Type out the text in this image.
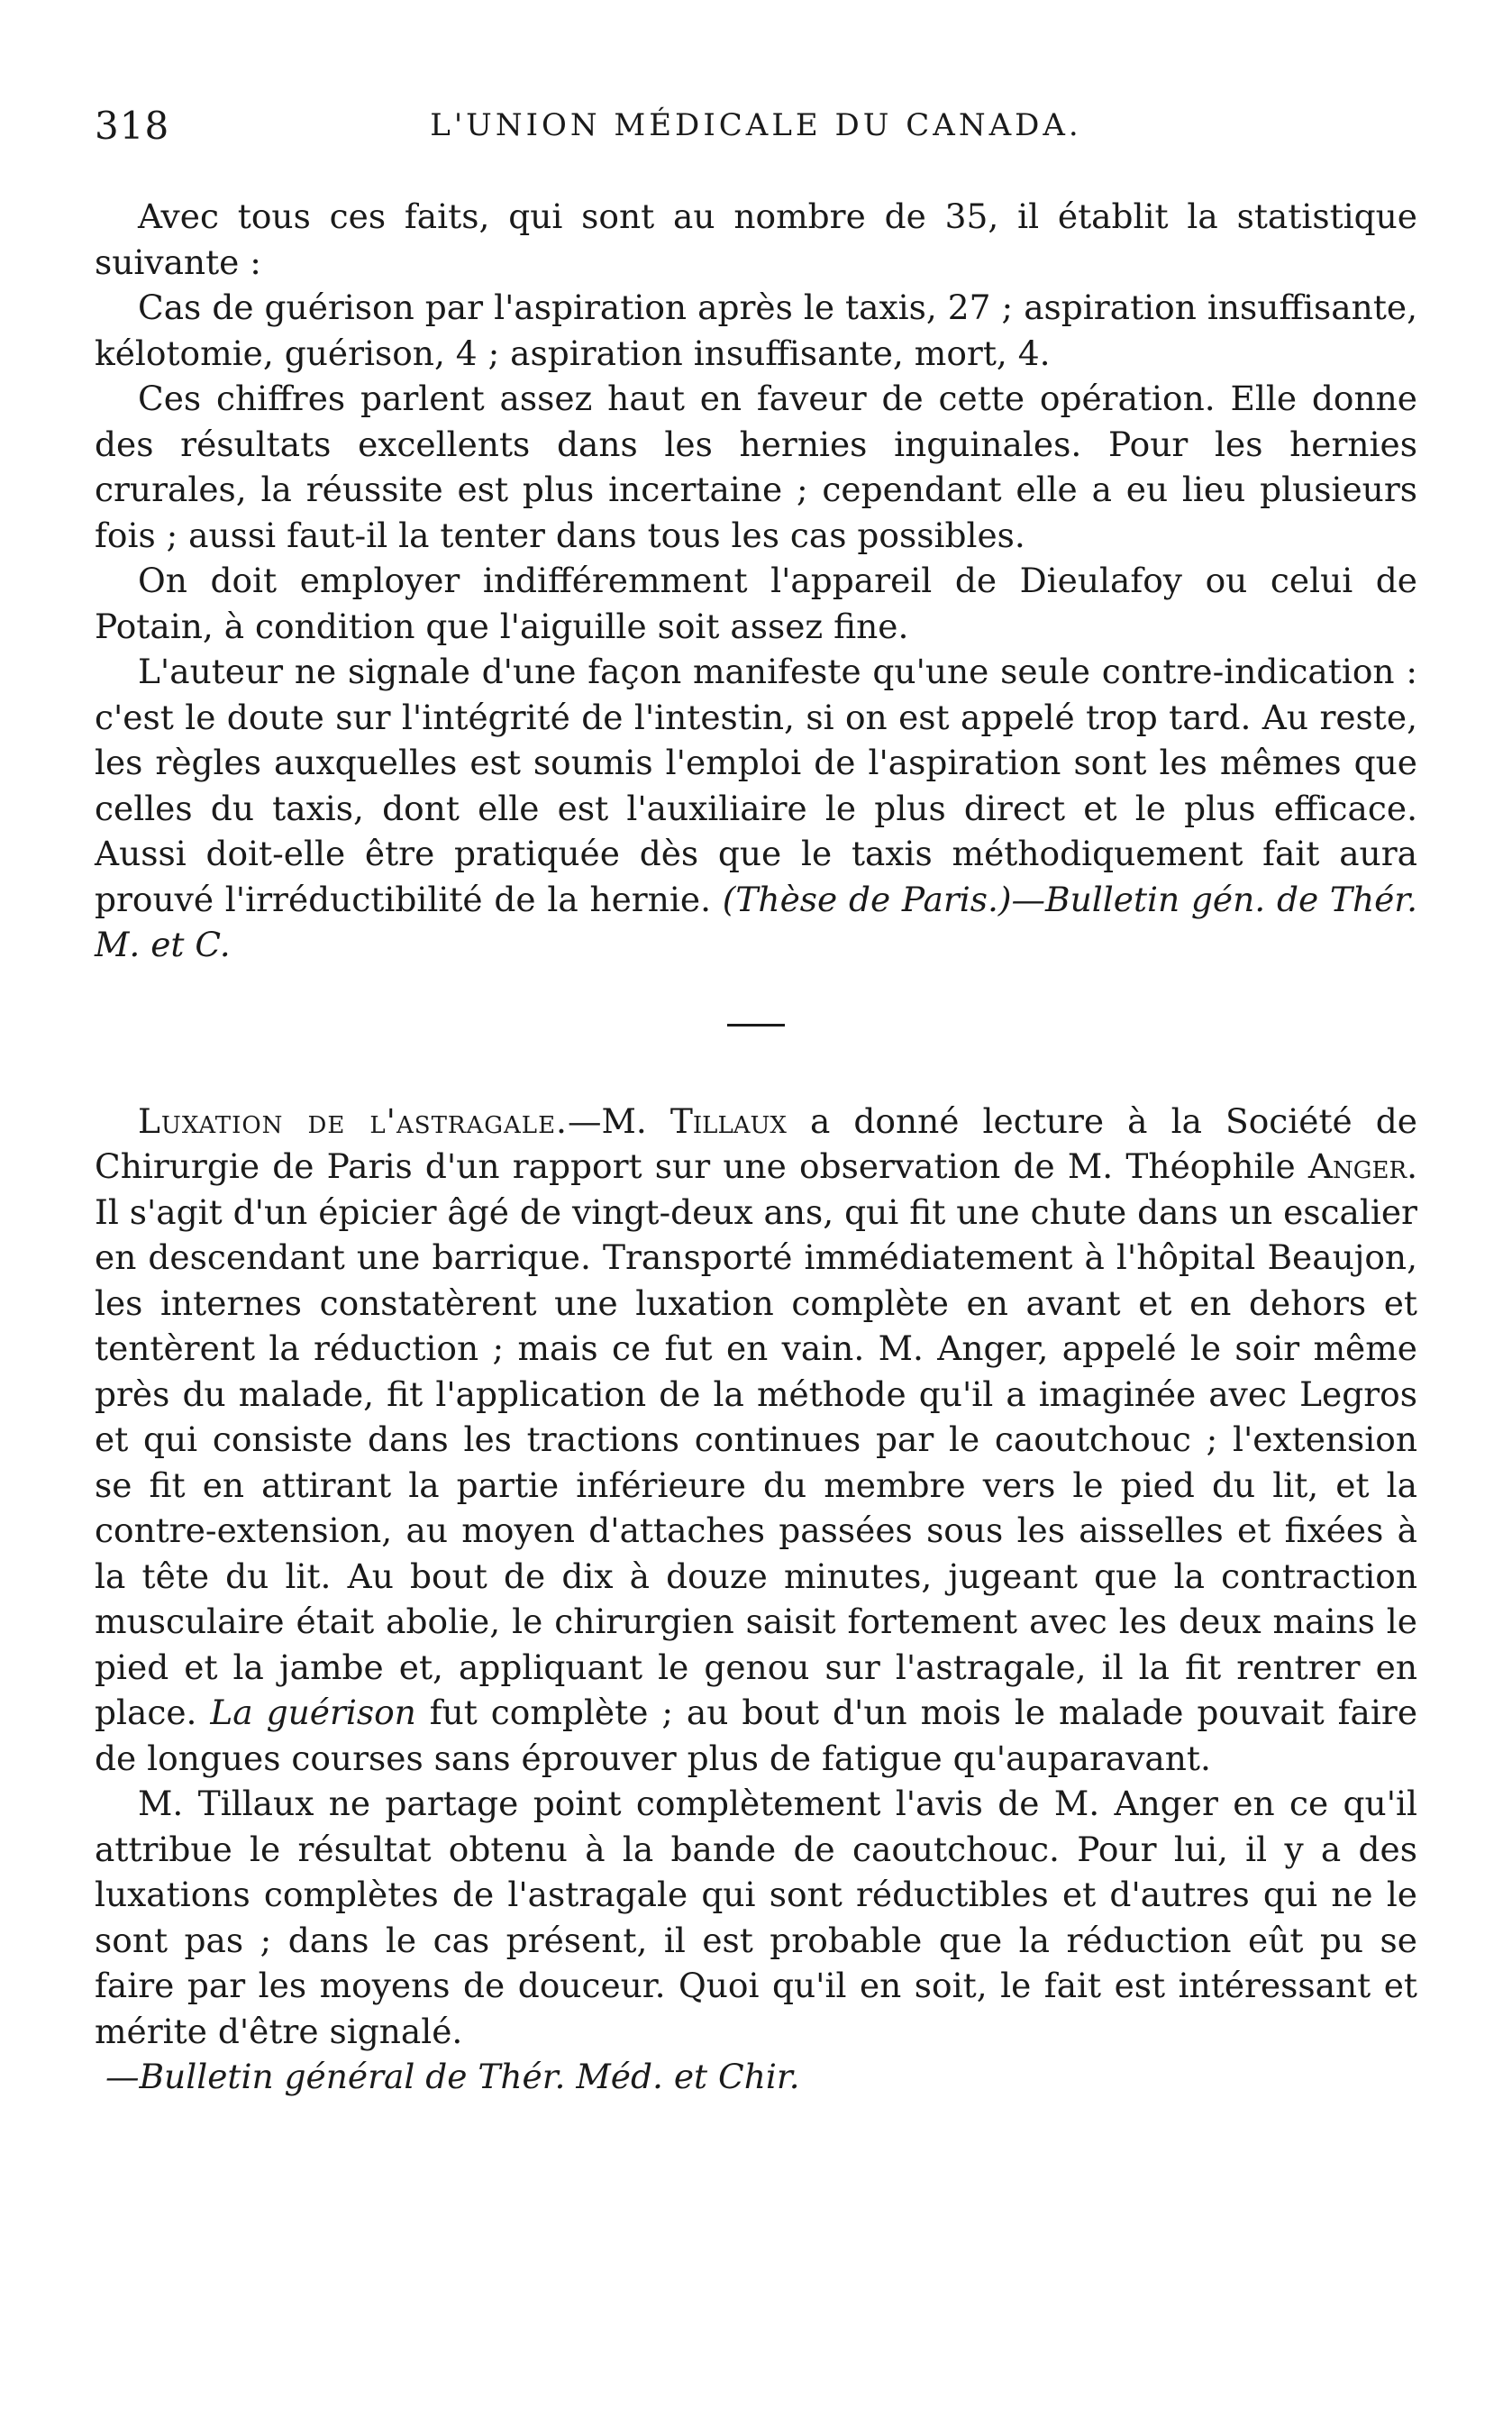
318	L'UNION MÉDICALE DU CANADA.

Avec tous ces faits, qui sont au nombre de 35, il établit la statistique suivante :

Cas de guérison par l'aspiration après le taxis, 27 ; aspiration insuffisante, kélotomie, guérison, 4 ; aspiration insuffisante, mort, 4.

Ces chiffres parlent assez haut en faveur de cette opération. Elle donne des résultats excellents dans les hernies inguinales. Pour les hernies crurales, la réussite est plus incertaine ; cependant elle a eu lieu plusieurs fois ; aussi faut-il la tenter dans tous les cas possibles.

On doit employer indifféremment l'appareil de Dieulafoy ou celui de Potain, à condition que l'aiguille soit assez fine.

L'auteur ne signale d'une façon manifeste qu'une seule contre-indication : c'est le doute sur l'intégrité de l'intestin, si on est appelé trop tard. Au reste, les règles auxquelles est soumis l'emploi de l'aspiration sont les mêmes que celles du taxis, dont elle est l'auxiliaire le plus direct et le plus efficace. Aussi doit-elle être pratiquée dès que le taxis méthodiquement fait aura prouvé l'irréductibilité de la hernie. (Thèse de Paris.)—Bulletin gén. de Thér. M. et C.

Luxation de l'astragale.—M. Tillaux a donné lecture à la Société de Chirurgie de Paris d'un rapport sur une observation de M. Théophile Anger. Il s'agit d'un épicier âgé de vingt-deux ans, qui fit une chute dans un escalier en descendant une barrique. Transporté immédiatement à l'hôpital Beaujon, les internes constatèrent une luxation complète en avant et en dehors et tentèrent la réduction ; mais ce fut en vain. M. Anger, appelé le soir même près du malade, fit l'application de la méthode qu'il a imaginée avec Legros et qui consiste dans les tractions continues par le caoutchouc ; l'extension se fit en attirant la partie inférieure du membre vers le pied du lit, et la contre-extension, au moyen d'attaches passées sous les aisselles et fixées à la tête du lit. Au bout de dix à douze minutes, jugeant que la contraction musculaire était abolie, le chirurgien saisit fortement avec les deux mains le pied et la jambe et, appliquant le genou sur l'astragale, il la fit rentrer en place. La guérison fut complète ; au bout d'un mois le malade pouvait faire de longues courses sans éprouver plus de fatigue qu'auparavant.

M. Tillaux ne partage point complètement l'avis de M. Anger en ce qu'il attribue le résultat obtenu à la bande de caoutchouc. Pour lui, il y a des luxations complètes de l'astragale qui sont réductibles et d'autres qui ne le sont pas ; dans le cas présent, il est probable que la réduction eût pu se faire par les moyens de douceur. Quoi qu'il en soit, le fait est intéressant et mérite d'être signalé.

—Bulletin général de Thér. Méd. et Chir.
